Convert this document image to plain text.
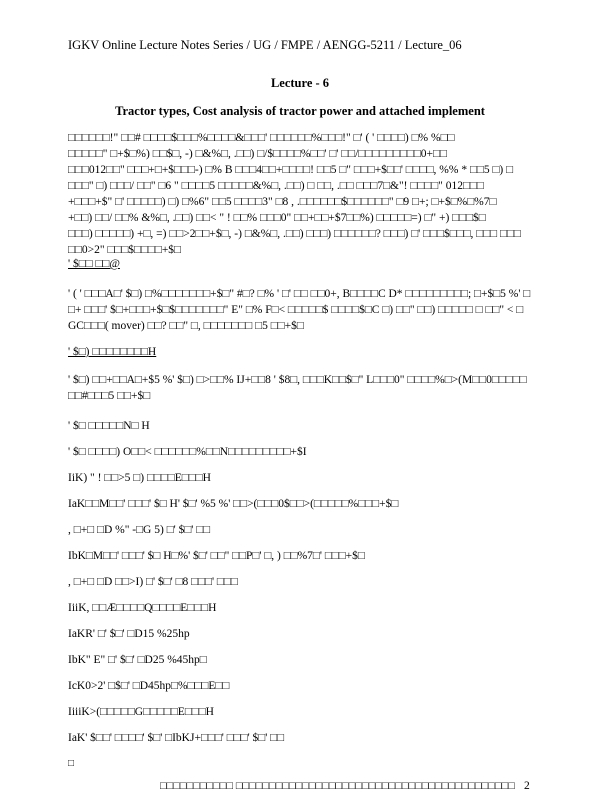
IGKV Online Lecture Notes Series / UG / FMPE / AENGG-5211 / Lecture_06
Lecture - 6
Tractor types, Cost analysis of tractor power and attached implement
□□□□□□!" □□# □□□□$□□□%□□□□&□□□' □□□□□□%□□□!" □' ( ' □□□□) □% %□□
□□□□□" □+$□%) □□$□, -) □&%□, .□□) □/$□□□□%□□' □' □□/□□□□□□□□□0+□□
□□□012□□" □□□+□+$□□□-) □% B □□□4□□+□□□□! □□5 □" □□□+$□□' □□□□, %% * □□5 □) □
□□□" □) □□□/ □□" □6 " □□□□5 □□□□□&%□, .□□) □ □□, .□□ □□□7□&"! □□□□" 012□□□
+□□□+$" □' □□□□□) □) □%6" □□5 □□□□3" □8 , .□□□□□□$□□□□□□" □9 □+; □+$□%□%7□
+□□) □□/ □□% &%□, .□□) □□< " ! □□% □□□0" □□+□□+$7□□%) □□□□□=) □" +) □□□$□
□□□) □□□□□) +□, =) □□>2□□+$□, -) □&%□, .□□) □□□) □□□□□□? □□□) □' □□□$□□□, □□□ □□□
□□0>2" □□□$□□□□+$□
' $□□ □□@
' ( ' □□□A□' $□) □%□□□□□□□+$□" #□? □% ' □' □□ □□0+, B□□□□C D* □□□□□□□□□; □+$□5 %' □
□+ □□□' $□+□□□+$□$□□□□□□□" E" □% F□< □□□□□$ □□□□$□C □) □□" □□) □□□□□ □ □□" < □
GC□□□( mover) □□? □□" □, □□□□□□□ □5 □□+$□
' $□) □□□□□□□□H
' $□) □□+□□A□+$5 %' $□) □>□□% IJ+□□8 ' $8□, □□□K□□$□" L□□□0" □□□□%□>(M□□0□□□□□
□□#□□□5 □□+$□
' $□ □□□□□N□ H
' $□ □□□□) O□□< □□□□□□%□□N□□□□□□□□□+$I
IiK) " ! □□>5 □) □□□□E□□□H
IaK□□M□□' □□□' $□ H' $□' %5 %' □□>(□□□0$□□>(□□□□□%□□□+$□
, □+□ □D %" -□G 5) □' $□' □□
IbK□M□□' □□□' $□ H□%' $□' □□" □□P□' □, ) □□%7□' □□□+$□
, □+□ □D □□>I) □' $□' □8 □□□' □□□
IiiK, □□Æ□□□□Q□□□□E□□□H
IaKR' □' $□' □D15 %25hp
IbK" E" □' $□' □D25 %45hp□
IcK0>2' □$□' □D45hp□%□□□E□□
IiiiK>(□□□□□G□□□□□E□□□H
IaK' $□□' □□□□' $□' □IbKJ+□□□' □□□' $□' □□
□
□□□□□□□□□□□ □□□□□□□□□□□□□□□□□□□□□□□□□□□□□□□□□□□□□□□□□□ 2
